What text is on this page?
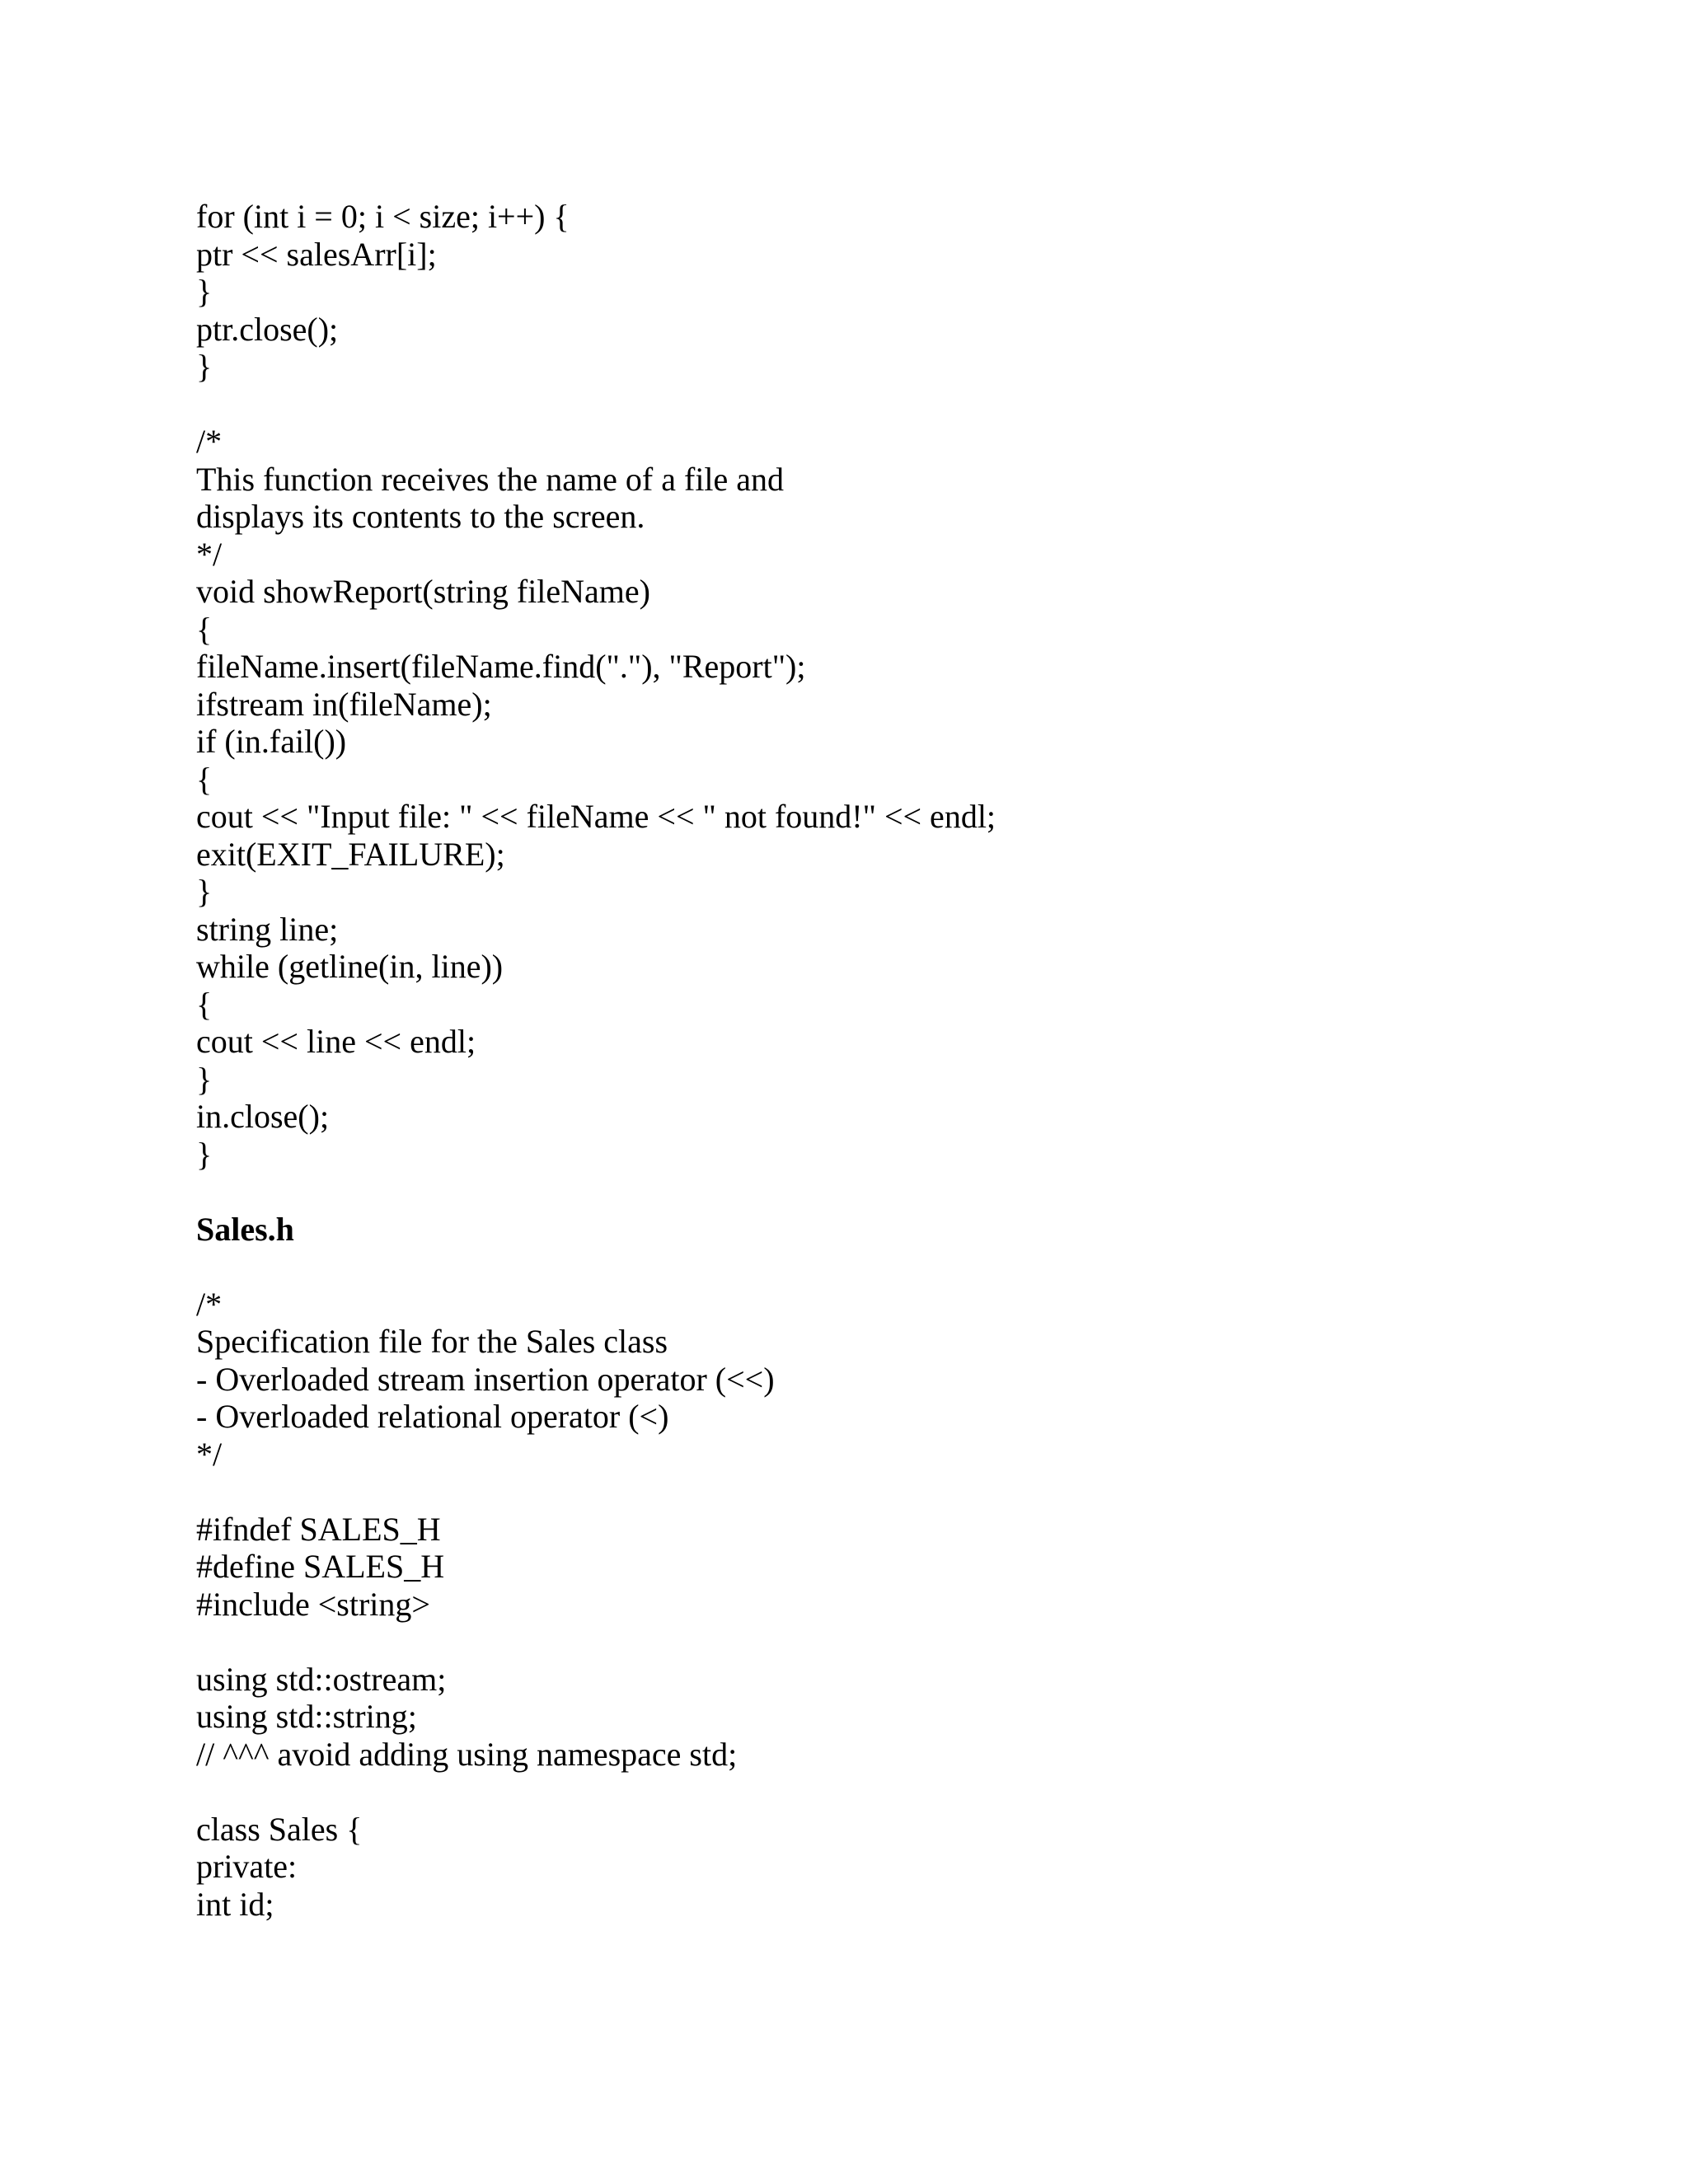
for (int i = 0; i < size; i++) {
ptr << salesArr[i];
}
ptr.close();
}
/*
This function receives the name of a file and
displays its contents to the screen.
*/
void showReport(string fileName)
{
fileName.insert(fileName.find("."), "Report");
ifstream in(fileName);
if (in.fail())
{
cout << "Input file: " << fileName << " not found!" << endl;
exit(EXIT_FAILURE);
}
string line;
while (getline(in, line))
{
cout << line << endl;
}
in.close();
}
Sales.h
/*
Specification file for the Sales class
- Overloaded stream insertion operator (<<)
- Overloaded relational operator (<)
*/
#ifndef SALES_H
#define SALES_H
#include <string>
using std::ostream;
using std::string;
// ^^^ avoid adding using namespace std;
class Sales {
private:
int id;
